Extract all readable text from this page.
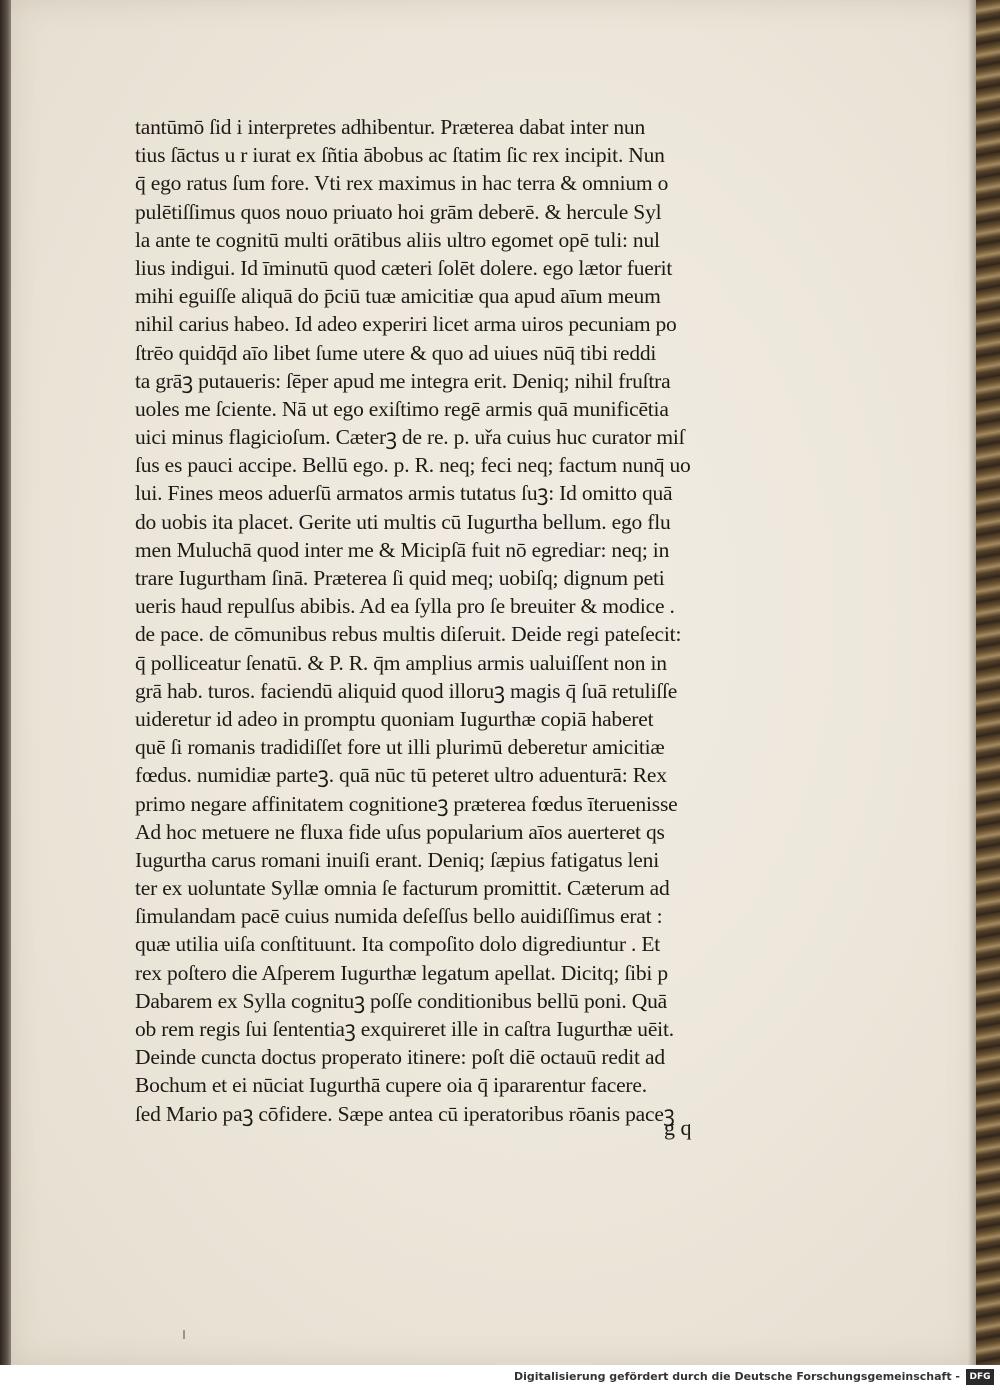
tantūmō ſid i interpretes adhibentur. Præterea dabat inter nun
tius ſāctus u r iurat ex ſñtia ābobus ac ſtatim ſic rex incipit. Nun
q̄ ego ratus ſum fore. Vti rex maximus in hac terra & omnium o
pulētiſſimus quos nouo priuato hoi grām deberē. & hercule Syl
la ante te cognitū multi orātibus aliis ultro egomet opē tuli: nul
lius indigui. Id īminutū quod cæteri ſolēt dolere. ego lætor fuerit
mihi eguiſſe aliquā do p̄ciū tuæ amicitiæ qua apud aīum meum
nihil carius habeo. Id adeo experiri licet arma uiros pecuniam po
ſtrēo quidq̄d aīo libet ſume utere & quo ad uiues nūq̄ tibi reddi
ta grāꝫ putaueris: ſēper apud me integra erit. Deniq; nihil fruſtra
uoles me ſciente. Nā ut ego exiſtimo regē armis quā munificētia
uici minus flagicioſum. Cæterꝫ de re. p. uřa cuius huc curator miſ
ſus es pauci accipe. Bellū ego. p. R. neq; feci neq; factum nunq̄ uo
lui. Fines meos aduerſū armatos armis tutatus ſuꝫ: Id omitto quā
do uobis ita placet. Gerite uti multis cū Iugurtha bellum. ego flu
men Muluchā quod inter me & Micipſā fuit nō egrediar: neq; in
trare Iugurtham ſinā. Præterea ſi quid meq; uobiſq; dignum peti
ueris haud repulſus abibis. Ad ea ſylla pro ſe breuiter & modice .
de pace. de cōmunibus rebus multis diſeruit. Deide regi pateſecit:
q̄ polliceatur ſenatū. & P. R. q̄m amplius armis ualuiſſent non in
grā hab. turos. faciendū aliquid quod illoruꝫ magis q̄ ſuā retuliſſe
uideretur id adeo in promptu quoniam Iugurthæ copiā haberet
quē ſi romanis tradidiſſet fore ut illi plurimū deberetur amicitiæ
fœdus. numidiæ parteꝫ. quā nūc tū peteret ultro aduenturā: Rex
primo negare affinitatem cognitioneꝫ præterea fœdus īteruenisse
Ad hoc metuere ne fluxa fide uſus popularium aīos auerteret qs
Iugurtha carus romani inuiſi erant. Deniq; ſæpius fatigatus leni
ter ex uoluntate Syllæ omnia ſe facturum promittit. Cæterum ad
ſimulandam pacē cuius numida deſeſſus bello auidiſſimus erat :
quæ utilia uiſa conſtituunt. Ita compoſito dolo digrediuntur . Et
rex poſtero die Aſperem Iugurthæ legatum apellat. Dicitq; ſibi p
Dabarem ex Sylla cognituꝫ poſſe conditionibus bellū poni. Quā
ob rem regis ſui ſententiaꝫ exquireret ille in caſtra Iugurthæ uēit.
Deinde cuncta doctus properato itinere: poſt diē octauū redit ad
Bochum et ei nūciat Iugurthā cupere oia q̄ ipararentur facere.
ſed Mario paꝫ cōfidere. Sæpe antea cū iperatoribus rōanis paceꝫ
g q
Digitalisierung gefördert durch die Deutsche Forschungsgemeinschaft -	DFG
